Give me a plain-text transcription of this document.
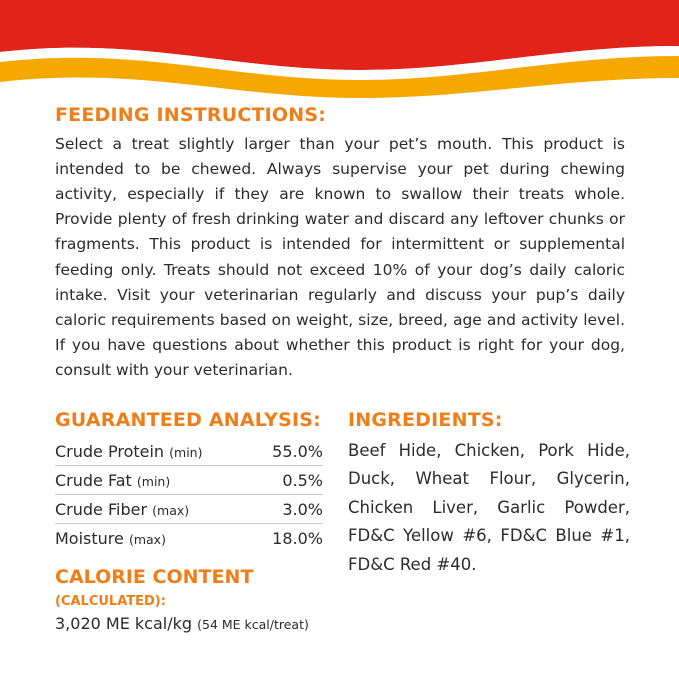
FEEDING INSTRUCTIONS:

Select a treat slightly larger than your pet’s mouth. This product is intended to be chewed. Always supervise your pet during chewing activity, especially if they are known to swallow their treats whole. Provide plenty of fresh drinking water and discard any leftover chunks or fragments. This product is intended for intermittent or supplemental feeding only. Treats should not exceed 10% of your dog’s daily caloric intake. Visit your veterinarian regularly and discuss your pup’s daily caloric requirements based on weight, size, breed, age and activity level. If you have questions about whether this product is right for your dog, consult with your veterinarian.

GUARANTEED ANALYSIS:
Crude Protein (min)	55.0%
Crude Fat (min)	0.5%
Crude Fiber (max)	3.0%
Moisture (max)	18.0%
CALORIE CONTENT (CALCULATED):
3,020 ME kcal/kg (54 ME kcal/treat)
INGREDIENTS:

Beef Hide, Chicken, Pork Hide, Duck, Wheat Flour, Glycerin, Chicken Liver, Garlic Powder, FD&C Yellow #6, FD&C Blue #1, FD&C Red #40.
